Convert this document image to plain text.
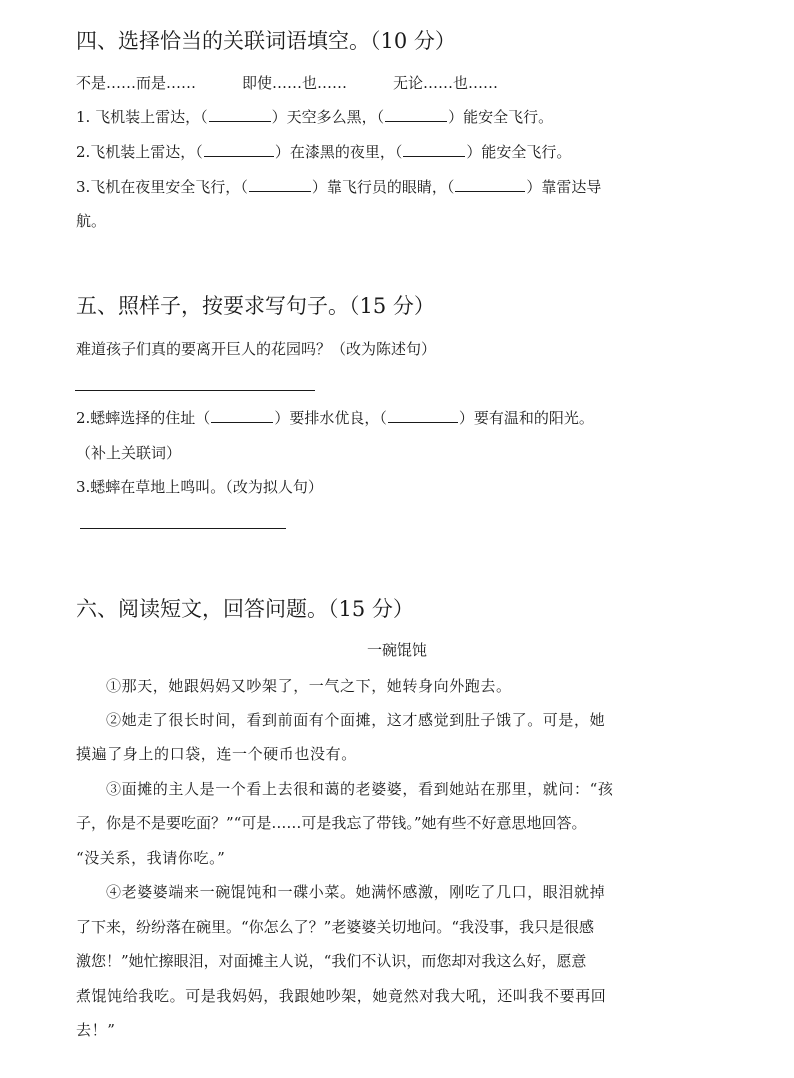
四、选择恰当的关联词语填空。（10 分）
不是……而是……	即使……也……	无论……也……
1. 飞机装上雷达，（	）天空多么黑，（	）能安全飞行。
2.飞机装上雷达，（	）在漆黑的夜里，（	）能安全飞行。
3.飞机在夜里安全飞行，（	）靠飞行员的眼睛，（	）靠雷达导
航。
五、照样子，按要求写句子。（15 分）
难道孩子们真的要离开巨人的花园吗？（改为陈述句）
2.蟋蟀选择的住址（	）要排水优良，（	）要有温和的阳光。
（补上关联词）
3.蟋蟀在草地上鸣叫。（改为拟人句）
六、阅读短文，回答问题。（15 分）
一碗馄饨
①那天，她跟妈妈又吵架了，一气之下，她转身向外跑去。
②她走了很长时间，看到前面有个面摊，这才感觉到肚子饿了。可是，她
摸遍了身上的口袋，连一个硬币也没有。
③面摊的主人是一个看上去很和蔼的老婆婆，看到她站在那里，就问：“孩
子，你是不是要吃面？”“可是……可是我忘了带钱。”她有些不好意思地回答。
“没关系，我请你吃。”
④老婆婆端来一碗馄饨和一碟小菜。她满怀感激，刚吃了几口，眼泪就掉
了下来，纷纷落在碗里。“你怎么了？”老婆婆关切地问。“我没事，我只是很感
激您！”她忙擦眼泪，对面摊主人说，“我们不认识，而您却对我这么好，愿意
煮馄饨给我吃。可是我妈妈，我跟她吵架，她竟然对我大吼，还叫我不要再回
去！”
